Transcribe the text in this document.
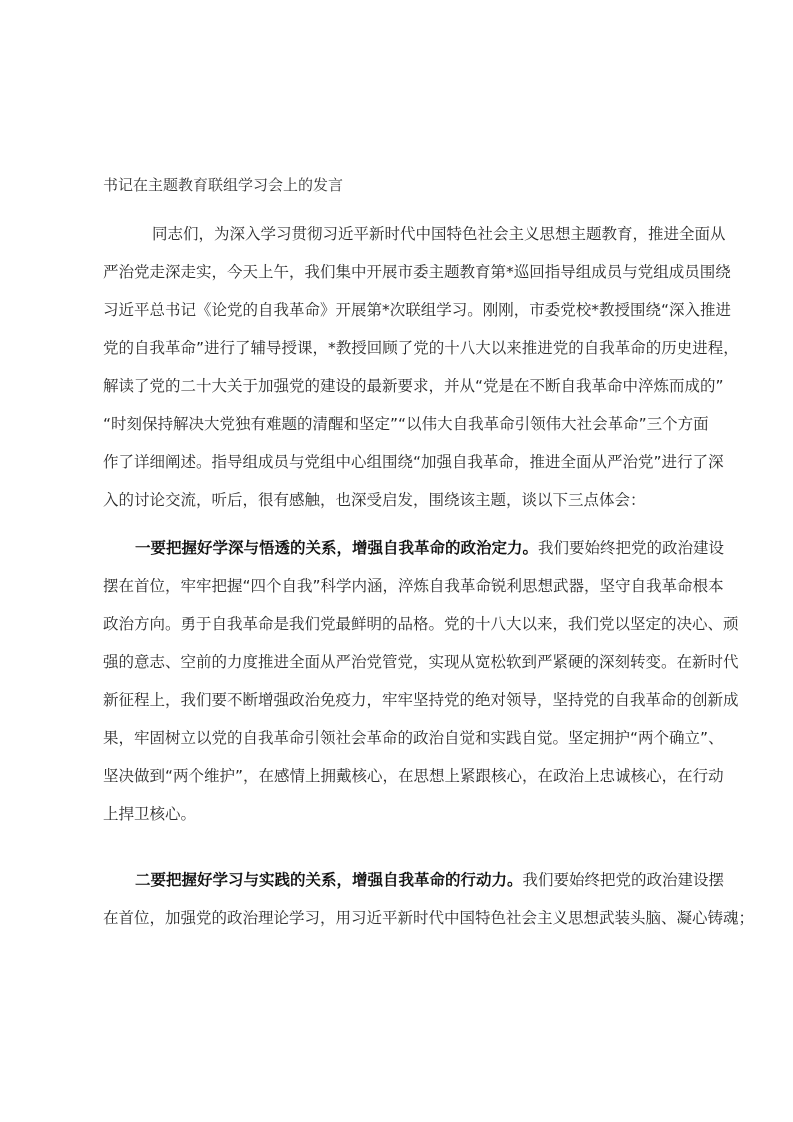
书记在主题教育联组学习会上的发言
同志们，为深入学习贯彻习近平新时代中国特色社会主义思想主题教育，推进全面从
严治党走深走实，今天上午，我们集中开展市委主题教育第*巡回指导组成员与党组成员围绕
习近平总书记《论党的自我革命》开展第*次联组学习。刚刚，市委党校*教授围绕“深入推进
党的自我革命”进行了辅导授课，*教授回顾了党的十八大以来推进党的自我革命的历史进程，
解读了党的二十大关于加强党的建设的最新要求，并从“党是在不断自我革命中淬炼而成的”
“时刻保持解决大党独有难题的清醒和坚定”“以伟大自我革命引领伟大社会革命”三个方面
作了详细阐述。指导组成员与党组中心组围绕“加强自我革命，推进全面从严治党”进行了深
入的讨论交流，听后，很有感触，也深受启发，围绕该主题，谈以下三点体会：
一要把握好学深与悟透的关系，增强自我革命的政治定力。我们要始终把党的政治建设
摆在首位，牢牢把握“四个自我”科学内涵，淬炼自我革命锐利思想武器，坚守自我革命根本
政治方向。勇于自我革命是我们党最鲜明的品格。党的十八大以来，我们党以坚定的决心、顽
强的意志、空前的力度推进全面从严治党管党，实现从宽松软到严紧硬的深刻转变。在新时代
新征程上，我们要不断增强政治免疫力，牢牢坚持党的绝对领导，坚持党的自我革命的创新成
果，牢固树立以党的自我革命引领社会革命的政治自觉和实践自觉。坚定拥护“两个确立”、
坚决做到“两个维护”，在感情上拥戴核心，在思想上紧跟核心，在政治上忠诚核心，在行动
上捍卫核心。
二要把握好学习与实践的关系，增强自我革命的行动力。我们要始终把党的政治建设摆
在首位，加强党的政治理论学习，用习近平新时代中国特色社会主义思想武装头脑、凝心铸魂；
